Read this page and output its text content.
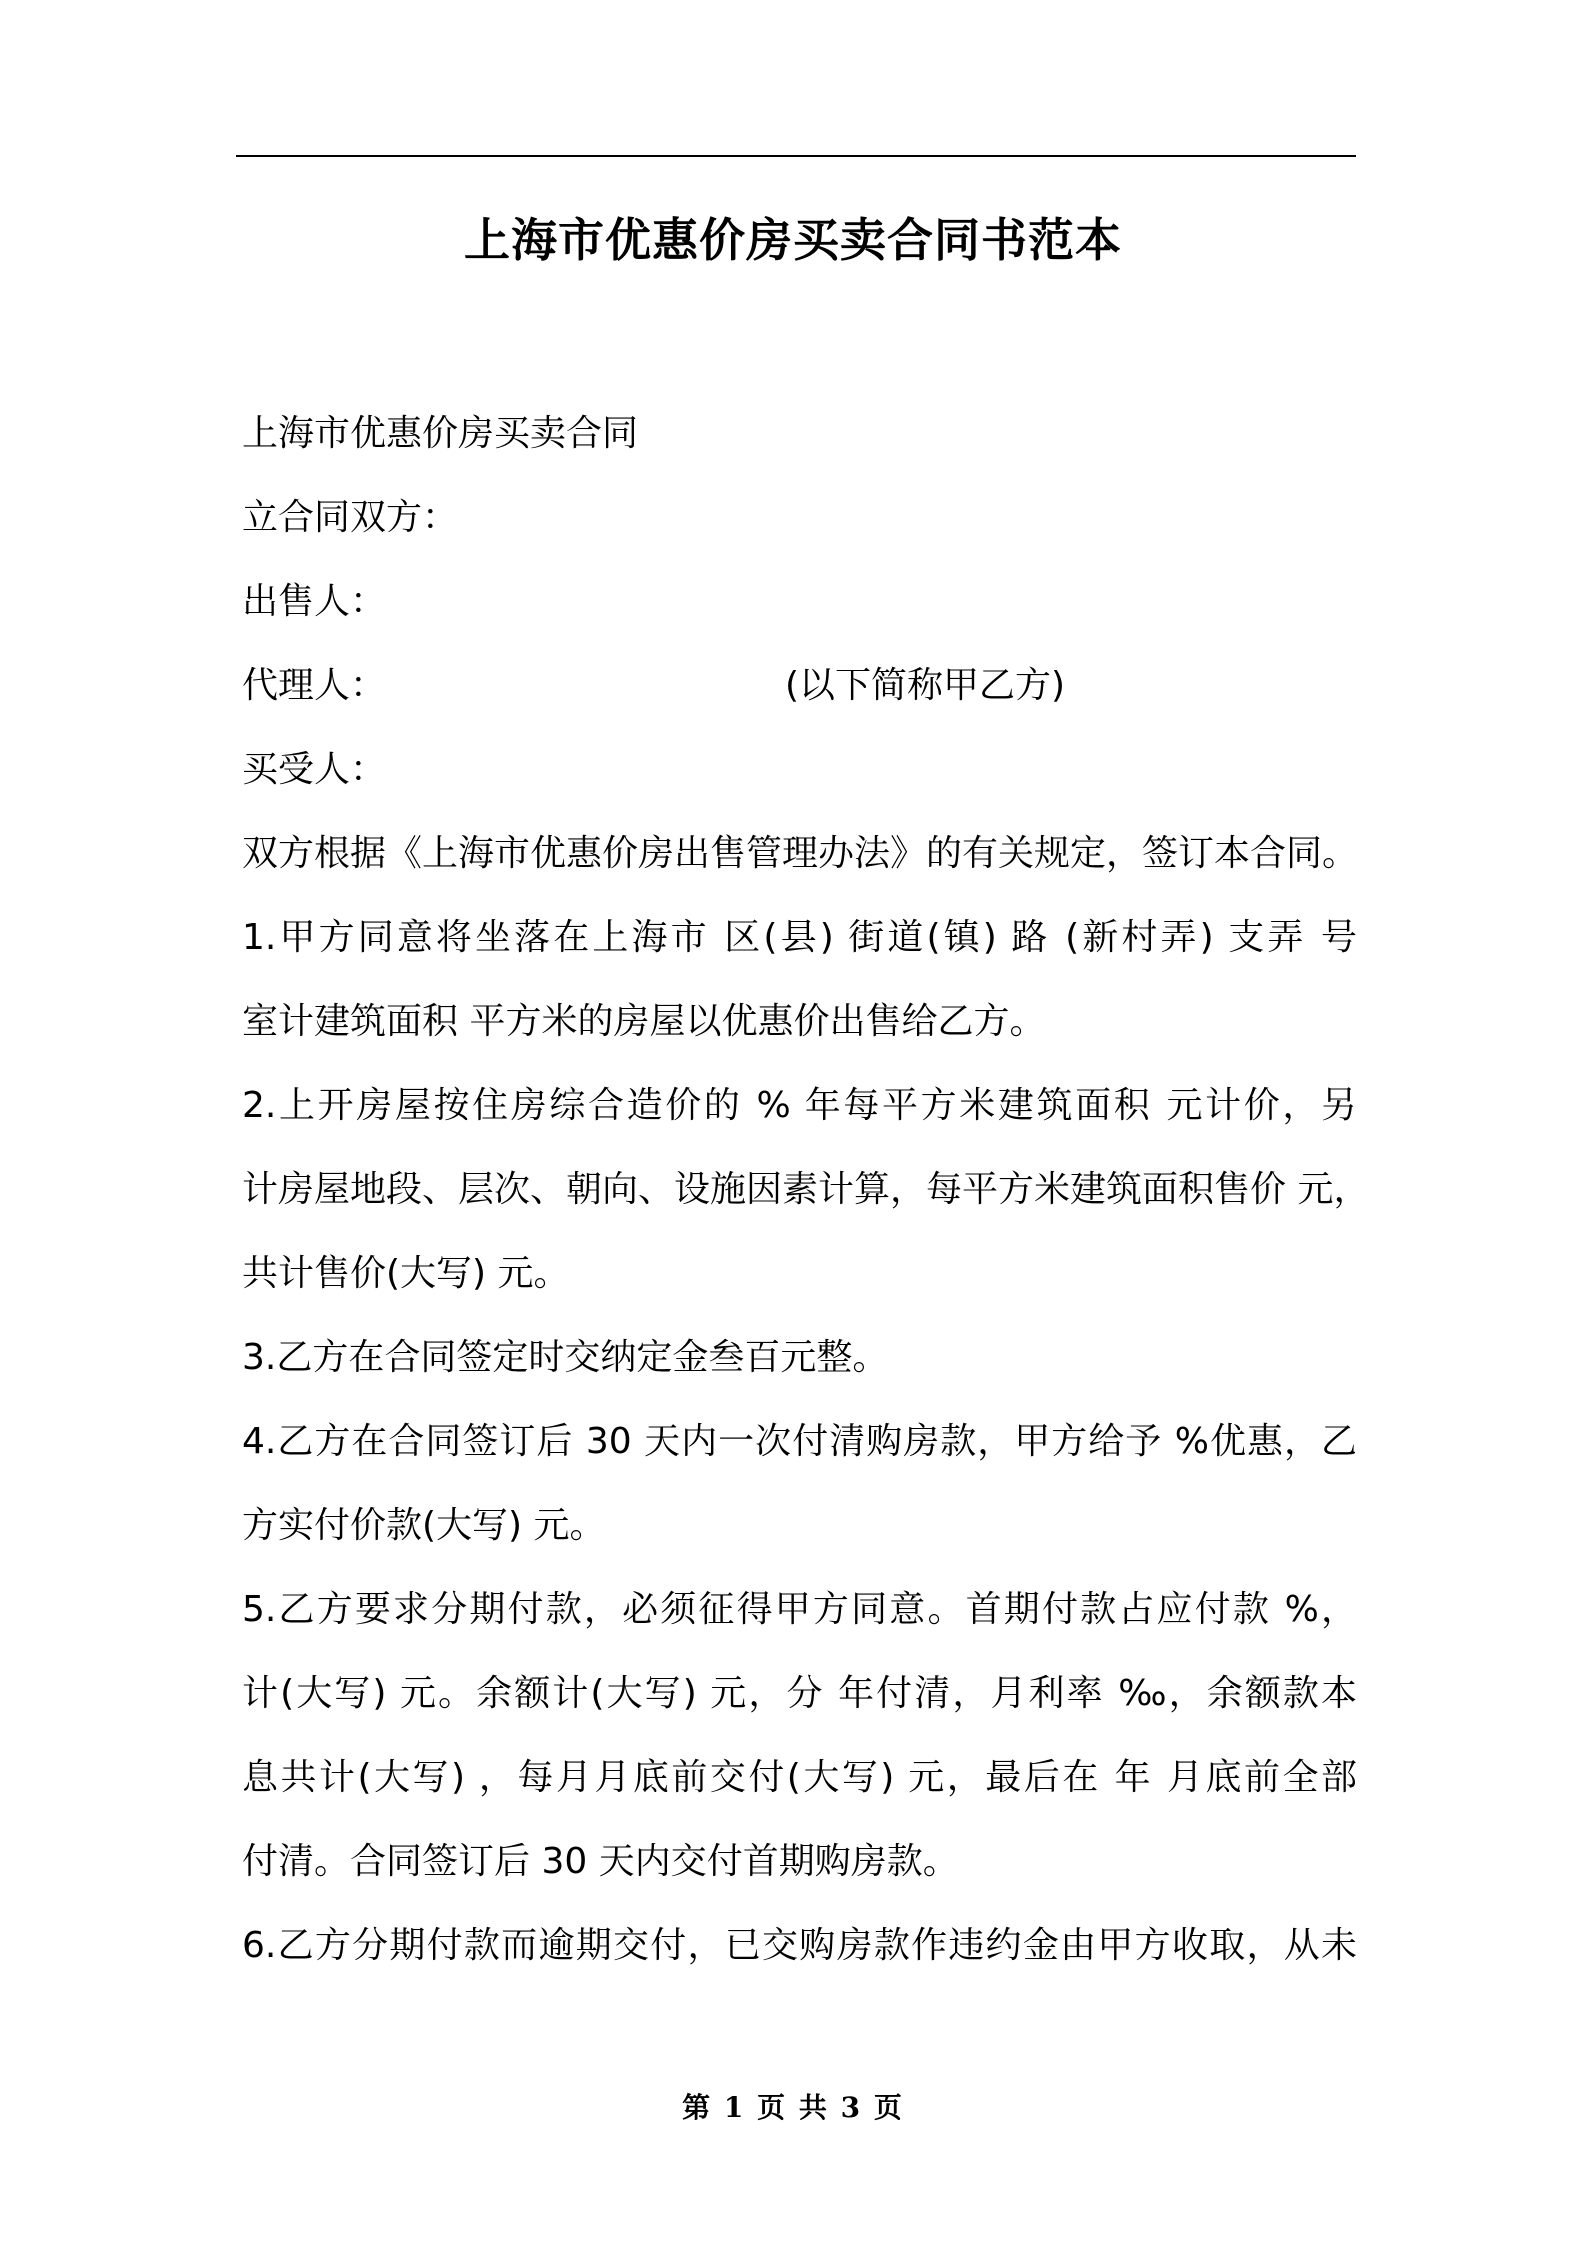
上海市优惠价房买卖合同书范本
上海市优惠价房买卖合同
立合同双方：
出售人：
代理人：	(以下简称甲乙方)
买受人：
双方根据《上海市优惠价房出售管理办法》的有关规定，签订本合同。
1.甲方同意将坐落在上海市 区(县) 街道(镇) 路 (新村弄) 支弄 号
室计建筑面积 平方米的房屋以优惠价出售给乙方。
2.上开房屋按住房综合造价的 % 年每平方米建筑面积 元计价，另
计房屋地段、层次、朝向、设施因素计算，每平方米建筑面积售价 元，
共计售价(大写) 元。
3.乙方在合同签定时交纳定金叁百元整。
4.乙方在合同签订后 30 天内一次付清购房款，甲方给予 %优惠，乙
方实付价款(大写) 元。
5.乙方要求分期付款，必须征得甲方同意。首期付款占应付款 %，
计(大写) 元。余额计(大写) 元，分 年付清，月利率 ‰，余额款本
息共计(大写) ，每月月底前交付(大写) 元，最后在 年 月底前全部
付清。合同签订后 30 天内交付首期购房款。
6.乙方分期付款而逾期交付，已交购房款作违约金由甲方收取，从未
第 1 页 共 3 页
